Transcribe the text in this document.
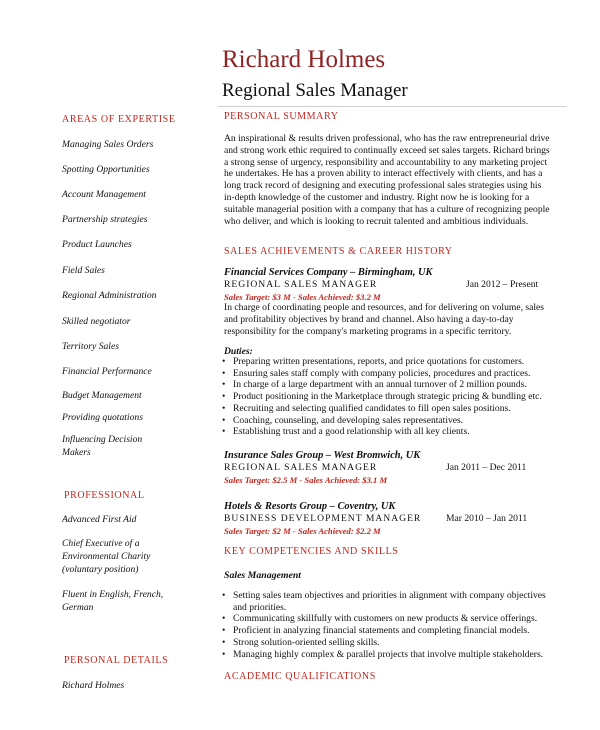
Richard Holmes
Regional Sales Manager
AREAS OF EXPERTISE
Managing Sales Orders
Spotting Opportunities
Account Management
Partnership strategies
Product Launches
Field Sales
Regional Administration
Skilled negotiator
Territory Sales
Financial Performance
Budget Management
Providing quotations
Influencing Decision Makers
PROFESSIONAL
Advanced First Aid
Chief Executive of a Environmental Charity (voluntary position)
Fluent in English, French, German
PERSONAL DETAILS
Richard Holmes
PERSONAL SUMMARY
An inspirational & results driven professional, who has the raw entrepreneurial drive and strong work ethic required to continually exceed set sales targets. Richard brings a strong sense of urgency, responsibility and accountability to any marketing project he undertakes. He has a proven ability to interact effectively with clients, and has a long track record of designing and executing professional sales strategies using his in-depth knowledge of the customer and industry. Right now he is looking for a suitable managerial position with a company that has a culture of recognizing people who deliver, and which is looking to recruit talented and ambitious individuals.
SALES ACHIEVEMENTS & CAREER HISTORY
Financial Services Company – Birmingham, UK
REGIONAL SALES MANAGER	Jan 2012 – Present
Sales Target: $3 M - Sales Achieved: $3.2 M
In charge of coordinating people and resources, and for delivering on volume, sales and profitability objectives by brand and channel. Also having a day-to-day responsibility for the company's marketing programs in a specific territory.
Duties:
• Preparing written presentations, reports, and price quotations for customers.
• Ensuring sales staff comply with company policies, procedures and practices.
• In charge of a large department with an annual turnover of 2 million pounds.
• Product positioning in the Marketplace through strategic pricing & bundling etc.
• Recruiting and selecting qualified candidates to fill open sales positions.
• Coaching, counseling, and developing sales representatives.
• Establishing trust and a good relationship with all key clients.
Insurance Sales Group – West Bromwich, UK
REGIONAL SALES MANAGER	Jan 2011 – Dec 2011
Sales Target: $2.5 M - Sales Achieved: $3.1 M
Hotels & Resorts Group – Coventry, UK
BUSINESS DEVELOPMENT MANAGER	Mar 2010 – Jan 2011
Sales Target: $2 M - Sales Achieved: $2.2 M
KEY COMPETENCIES AND SKILLS
Sales Management
• Setting sales team objectives and priorities in alignment with company objectives and priorities.
• Communicating skillfully with customers on new products & service offerings.
• Proficient in analyzing financial statements and completing financial models.
• Strong solution-oriented selling skills.
• Managing highly complex & parallel projects that involve multiple stakeholders.
ACADEMIC QUALIFICATIONS
